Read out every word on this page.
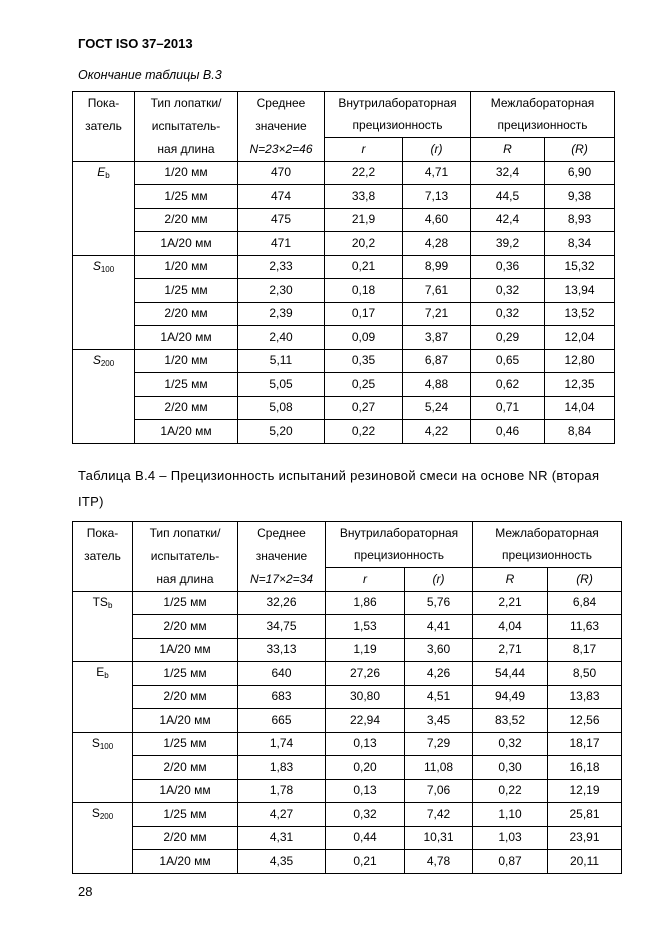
ГОСТ ISO 37–2013
Окончание таблицы В.3
Пока-	Тип лопатки/	Среднее	Внутрилабораторная		Межлабораторная	
затель	испытатель-	значение	прецизионность		прецизионность	
	ная длина	N=23×2=46	r	(r)	R	(R)
$E_b$	1/20 мм	470	22,2	4,71	32,4	6,90
	1/25 мм	474	33,8	7,13	44,5	9,38
	2/20 мм	475	21,9	4,60	42,4	8,93
	1A/20 мм	471	20,2	4,28	39,2	8,34
$S_{100}$	1/20 мм	2,33	0,21	8,99	0,36	15,32
	1/25 мм	2,30	0,18	7,61	0,32	13,94
	2/20 мм	2,39	0,17	7,21	0,32	13,52
	1A/20 мм	2,40	0,09	3,87	0,29	12,04
$S_{200}$	1/20 мм	5,11	0,35	6,87	0,65	12,80
	1/25 мм	5,05	0,25	4,88	0,62	12,35
	2/20 мм	5,08	0,27	5,24	0,71	14,04
	1A/20 мм	5,20	0,22	4,22	0,46	8,84
Таблица В.4 – Прецизионность испытаний резиновой смеси на основе NR (вторая ITP)
Пока-	Тип лопатки/	Среднее	Внутрилабораторная		Межлабораторная	
затель	испытатель-	значение	прецизионность		прецизионность	
	ная длина	N=17×2=34	r	(r)	R	(R)
$TS_b$	1/25 мм	32,26	1,86	5,76	2,21	6,84
	2/20 мм	34,75	1,53	4,41	4,04	11,63
	1A/20 мм	33,13	1,19	3,60	2,71	8,17
$E_b$	1/25 мм	640	27,26	4,26	54,44	8,50
	2/20 мм	683	30,80	4,51	94,49	13,83
	1A/20 мм	665	22,94	3,45	83,52	12,56
$S_{100}$	1/25 мм	1,74	0,13	7,29	0,32	18,17
	2/20 мм	1,83	0,20	11,08	0,30	16,18
	1A/20 мм	1,78	0,13	7,06	0,22	12,19
$S_{200}$	1/25 мм	4,27	0,32	7,42	1,10	25,81
	2/20 мм	4,31	0,44	10,31	1,03	23,91
	1A/20 мм	4,35	0,21	4,78	0,87	20,11
28
